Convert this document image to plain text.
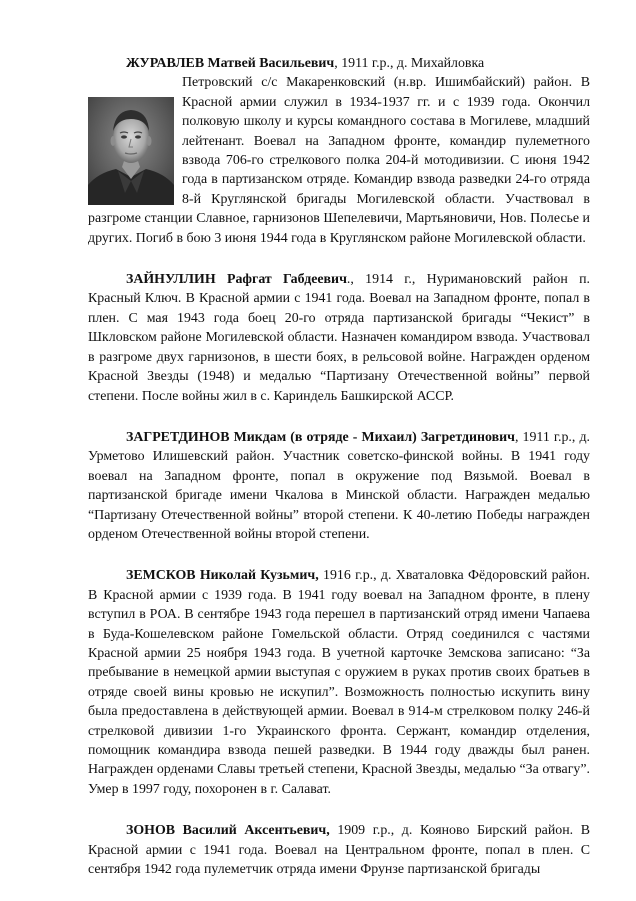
ЖУРАВЛЕВ Матвей Васильевич, 1911 г.р., д. Михайловка
Петровский с/с Макаренковский (н.вр. Ишимбайский) район. В Красной армии служил в 1934-1937 гг. и с 1939 года. Окончил полковую школу и курсы командного состава в Могилеве, младший лейтенант. Воевал на Западном фронте, командир пулеметного взвода 706-го стрелкового полка 204-й мотодивизии. С июня 1942 года в партизанском отряде. Командир взвода разведки 24-го отряда 8-й Круглянской бригады Могилевской области. Участвовал в разгроме станции Славное, гарнизонов Шепелевичи, Мартьяновичи, Нов. Полесье и других. Погиб в бою 3 июня 1944 года в Круглянском районе Могилевской области.

ЗАЙНУЛЛИН Рафгат Габдеевич., 1914 г., Нуримановский район п. Красный Ключ. В Красной армии с 1941 года. Воевал на Западном фронте, попал в плен. С мая 1943 года боец 20-го отряда партизанской бригады “Чекист” в Шкловском районе Могилевской области. Назначен командиром взвода. Участвовал в разгроме двух гарнизонов, в шести боях, в рельсовой войне. Награжден орденом Красной Звезды (1948) и медалью “Партизану Отечественной войны” первой степени. После войны жил в с. Кариндель Башкирской АССР.

ЗАГРЕТДИНОВ Микдам (в отряде - Михаил) Загретдинович, 1911 г.р., д. Урметово Илишевский район. Участник советско-финской войны. В 1941 году воевал на Западном фронте, попал в окружение под Вязьмой. Воевал в партизанской бригаде имени Чкалова в Минской области. Награжден медалью “Партизану Отечественной войны” второй степени. К 40-летию Победы награжден орденом Отечественной войны второй степени.

ЗЕМСКОВ Николай Кузьмич, 1916 г.р., д. Хваталовка Фёдоровский район. В Красной армии с 1939 года. В 1941 году воевал на Западном фронте, в плену вступил в РОА. В сентябре 1943 года перешел в партизанский отряд имени Чапаева в Буда-Кошелевском районе Гомельской области. Отряд соединился с частями Красной армии 25 ноября 1943 года. В учетной карточке Земскова записано: “За пребывание в немецкой армии выступая с оружием в руках против своих братьев в отряде своей вины кровью не искупил”. Возможность полностью искупить вину была предоставлена в действующей армии. Воевал в 914-м стрелковом полку 246-й стрелковой дивизии 1-го Украинского фронта. Сержант, командир отделения, помощник командира взвода пешей разведки. В 1944 году дважды был ранен. Награжден орденами Славы третьей степени, Красной Звезды, медалью “За отвагу”. Умер в 1997 году, похоронен в г. Салават.

ЗОНОВ Василий Аксентьевич, 1909 г.р., д. Кояново Бирский район. В Красной армии с 1941 года. Воевал на Центральном фронте, попал в плен. С сентября 1942 года пулеметчик отряда имени Фрунзе партизанской бригады
